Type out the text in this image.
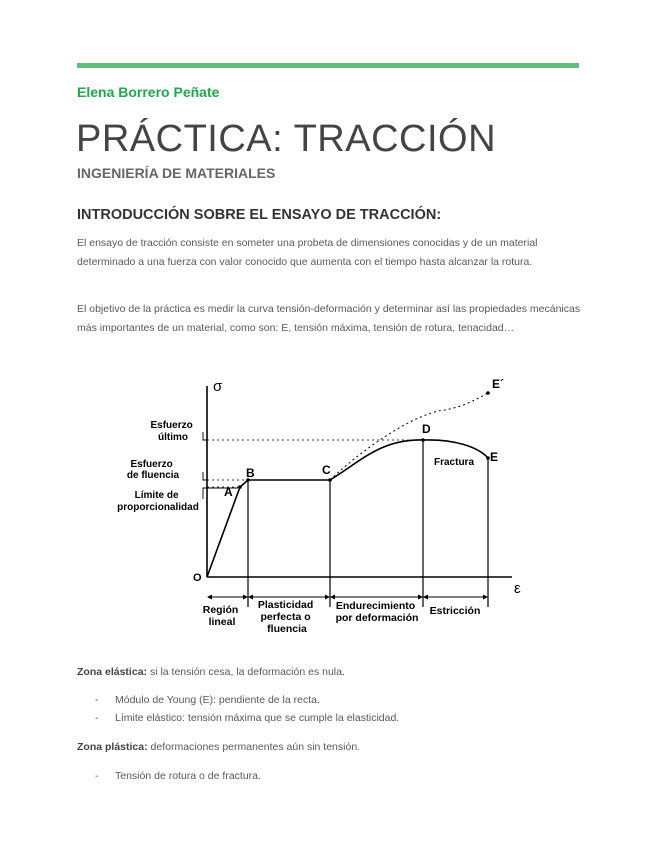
Elena Borrero Peñate
PRÁCTICA: TRACCIÓN
INGENIERÍA DE MATERIALES
INTRODUCCIÓN SOBRE EL ENSAYO DE TRACCIÓN:

El ensayo de tracción consiste en someter una probeta de dimensiones conocidas y de un material determinado a una fuerza con valor conocido que aumenta con el tiempo hasta alcanzar la rotura.

El objetivo de la práctica es medir la curva tensión-deformación y determinar así las propiedades mecánicas más importantes de un material, como son: E, tensión máxima, tensión de rotura, tenacidad…

σ
ε
O
A
B	C
D
E
E´
Fractura
Esfuerzo último
Esfuerzo de fluencia
Límite de proporcionalidad
Región lineal
Plasticidad perfecta o fluencia
Endurecimiento por deformación
Estricción
Zona elástica: si la tensión cesa, la deformación es nula.
- Módulo de Young (E): pendiente de la recta.
- Límite elástico: tensión máxima que se cumple la elasticidad.
Zona plástica: deformaciones permanentes aún sin tensión.
- Tensión de rotura o de fractura.
